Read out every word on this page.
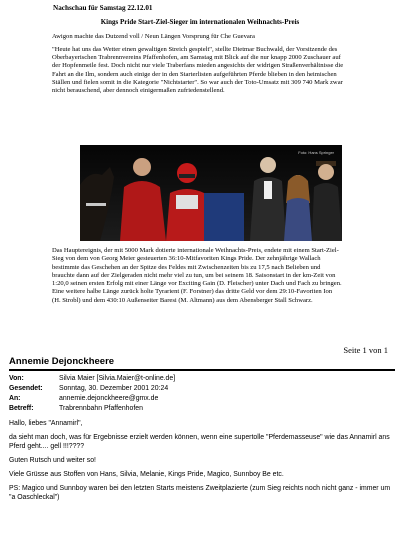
Nachschau für Samstag 22.12.01
Kings Pride Start-Ziel-Sieger im internationalen Weihnachts-Preis

Awigon machte das Dutzend voll / Neun Längen Vorsprung für Che Guevara

"Heute hat uns das Wetter einen gewaltigen Streich gespielt", stellte Dietmar Buchwald, der Vorsitzende des Oberbayerischen Trabrennvereins Pfaffenhofen, am Samstag mit Blick auf die nur knapp 2000 Zuschauer auf der Hopfenmeile fest. Doch nicht nur viele Traberfans mieden angesichts der widrigen Straßenverhältnisse die Fahrt an die Ilm, sondern auch einige der in den Starterlisten aufgeführten Pferde blieben in den heimischen Ställen und fielen somit in die Kategorie "Nichtstarter". So war auch der Toto-Umsatz mit 309 740 Mark zwar nicht berauschend, aber dennoch einigermaßen zufriedenstellend.

Foto: Hans Springer

Das Hauptereignis, der mit 5000 Mark dotierte internationale Weihnachts-Preis, endete mit einem Start-Ziel-Sieg von dem von Georg Meier gesteuerten 36:10-Mitfavoriten Kings Pride. Der zehnjährige Wallach bestimmte das Geschehen an der Spitze des Feldes mit Zwischenzeiten bis zu 17,5 nach Belieben und brauchte dann auf der Zielgeraden nicht mehr viel zu tun, um bei seinem 18. Saisonstart in der km-Zeit von 1:20,0 seinen ersten Erfolg mit einer Länge vor Exciting Gain (D. Fleischer) unter Dach und Fach zu bringen. Eine weitere halbe Länge zurück holte Tyrarient (F. Forstner) das dritte Geld vor dem 29:10-Favoriten Ion (H. Strobl) und dem 430:10 Außenseiter Baresi (M. Altmann) aus dem Abensberger Stall Schwarz.

Seite 1 von 1
Annemie Dejonckheere
Von:	Silvia Maier [Silvia.Maier@t-online.de]
Gesendet:	Sonntag, 30. Dezember 2001 20:24
An:	annemie.dejonckheere@gmx.de
Betreff:	Trabrennbahn Pfaffenhofen

Hallo, liebes "Annamirl",

da sieht man doch, was für Ergebnisse erzielt werden können, wenn eine supertolle "Pferdemasseuse" wie das Annamirl ans Pferd geht.... gell !!!????

Guten Rutsch und weiter so!

Viele Grüsse aus Stoffen von Hans, Silvia, Melanie, Kings Pride, Magico, Sunnboy Be etc.

PS: Magico und Sunnboy waren bei den letzten Starts meistens Zweitplazierte (zum Sieg reichts noch nicht ganz - immer um "a Oaschleckal")
